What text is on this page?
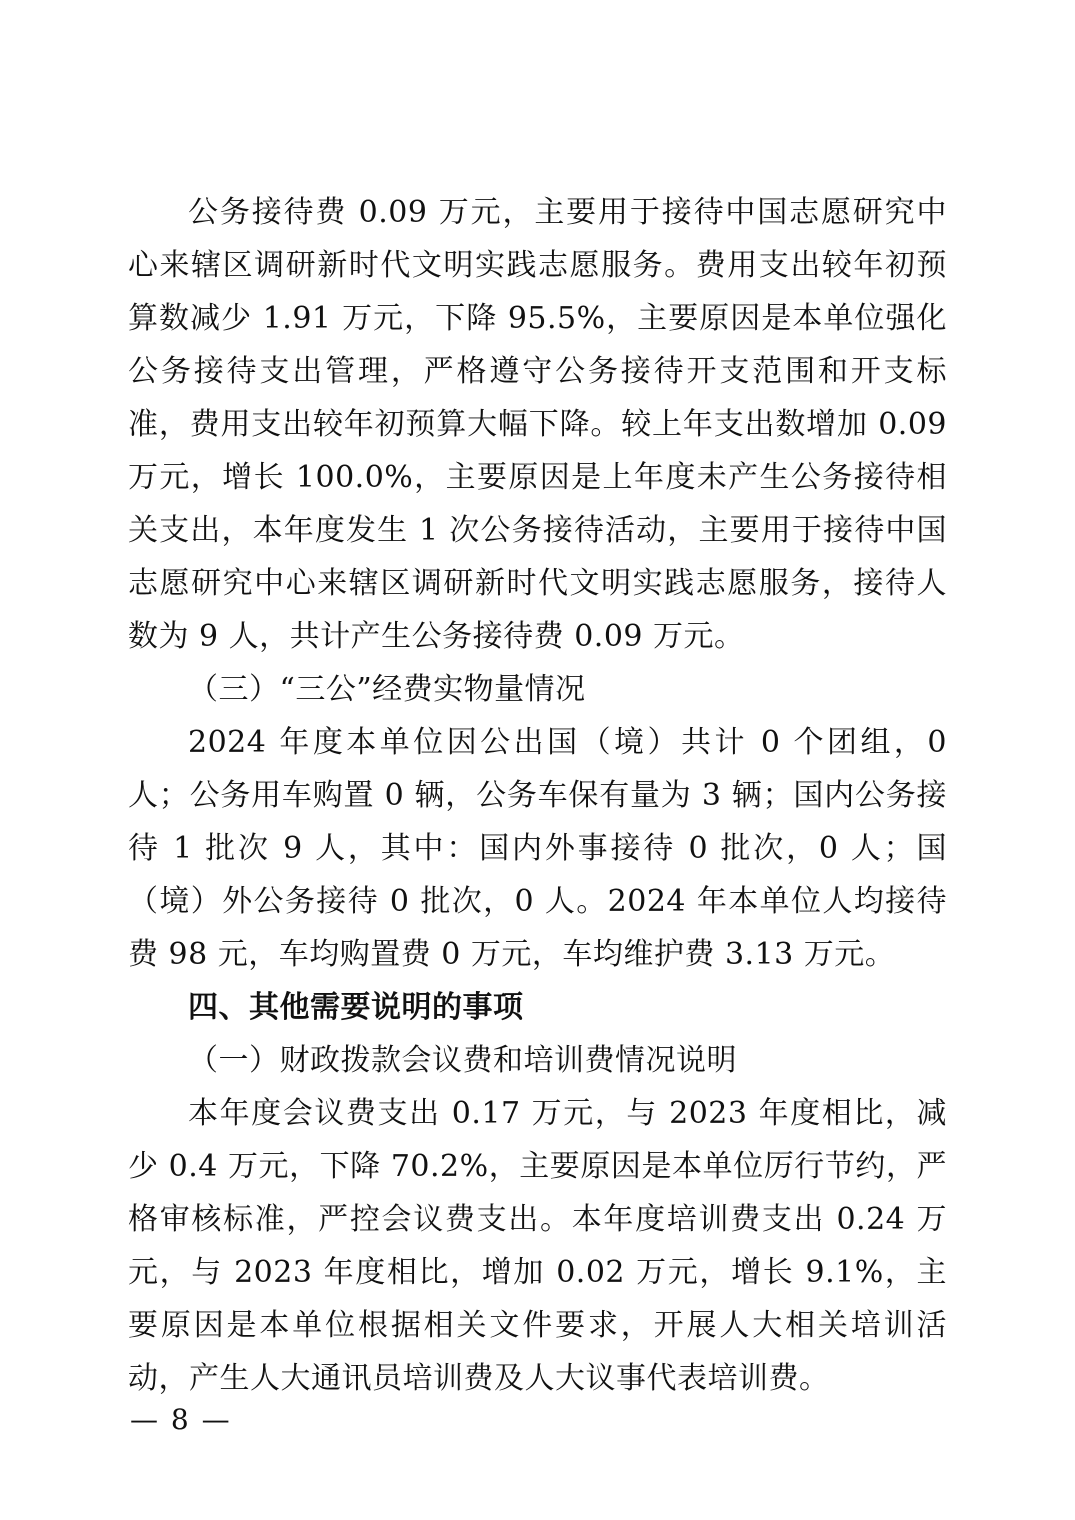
公务接待费 0.09 万元，主要用于接待中国志愿研究中心来辖区调研新时代文明实践志愿服务。费用支出较年初预算数减少 1.91 万元，下降 95.5%，主要原因是本单位强化公务接待支出管理，严格遵守公务接待开支范围和开支标准，费用支出较年初预算大幅下降。较上年支出数增加 0.09 万元，增长 100.0%，主要原因是上年度未产生公务接待相关支出，本年度发生 1 次公务接待活动，主要用于接待中国志愿研究中心来辖区调研新时代文明实践志愿服务，接待人数为 9 人，共计产生公务接待费 0.09 万元。

（三）“三公”经费实物量情况

2024 年度本单位因公出国（境）共计 0 个团组，0 人；公务用车购置 0 辆，公务车保有量为 3 辆；国内公务接待 1 批次 9 人，其中：国内外事接待 0 批次，0 人；国（境）外公务接待 0 批次，0 人。2024 年本单位人均接待费 98 元，车均购置费 0 万元，车均维护费 3.13 万元。

四、其他需要说明的事项

（一）财政拨款会议费和培训费情况说明

本年度会议费支出 0.17 万元，与 2023 年度相比，减少 0.4 万元，下降 70.2%，主要原因是本单位厉行节约，严格审核标准，严控会议费支出。本年度培训费支出 0.24 万元，与 2023 年度相比，增加 0.02 万元，增长 9.1%，主要原因是本单位根据相关文件要求，开展人大相关培训活动，产生人大通讯员培训费及人大议事代表培训费。

— 8 —
